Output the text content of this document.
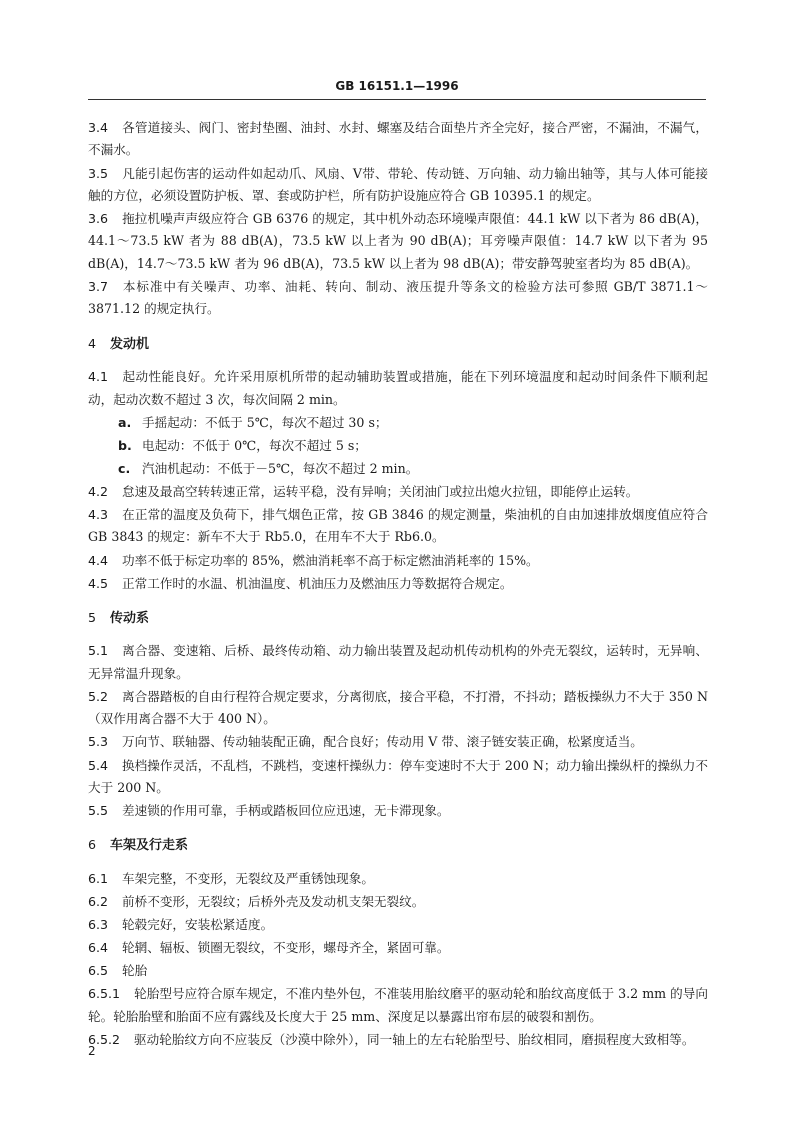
GB 16151.1—1996
3.4 各管道接头、阀门、密封垫圈、油封、水封、螺塞及结合面垫片齐全完好，接合严密，不漏油，不漏气，不漏水。
3.5 凡能引起伤害的运动件如起动爪、风扇、V带、带轮、传动链、万向轴、动力输出轴等，其与人体可能接触的方位，必须设置防护板、罩、套或防护栏，所有防护设施应符合 GB 10395.1 的规定。
3.6 拖拉机噪声声级应符合 GB 6376 的规定，其中机外动态环境噪声限值：44.1 kW 以下者为 86 dB(A)，44.1～73.5 kW 者为 88 dB(A)，73.5 kW 以上者为 90 dB(A)；耳旁噪声限值：14.7 kW 以下者为 95 dB(A)，14.7～73.5 kW 者为 96 dB(A)，73.5 kW 以上者为 98 dB(A)；带安静驾驶室者均为 85 dB(A)。
3.7 本标准中有关噪声、功率、油耗、转向、制动、液压提升等条文的检验方法可参照 GB/T 3871.1～3871.12 的规定执行。
4 发动机
4.1 起动性能良好。允许采用原机所带的起动辅助装置或措施，能在下列环境温度和起动时间条件下顺利起动，起动次数不超过 3 次，每次间隔 2 min。
a. 手摇起动：不低于 5℃，每次不超过 30 s；
b. 电起动：不低于 0℃，每次不超过 5 s；
c. 汽油机起动：不低于－5℃，每次不超过 2 min。
4.2 怠速及最高空转转速正常，运转平稳，没有异响；关闭油门或拉出熄火拉钮，即能停止运转。
4.3 在正常的温度及负荷下，排气烟色正常，按 GB 3846 的规定测量，柴油机的自由加速排放烟度值应符合 GB 3843 的规定：新车不大于 Rb5.0，在用车不大于 Rb6.0。
4.4 功率不低于标定功率的 85%，燃油消耗率不高于标定燃油消耗率的 15%。
4.5 正常工作时的水温、机油温度、机油压力及燃油压力等数据符合规定。
5 传动系
5.1 离合器、变速箱、后桥、最终传动箱、动力输出装置及起动机传动机构的外壳无裂纹，运转时，无异响、无异常温升现象。
5.2 离合器踏板的自由行程符合规定要求，分离彻底，接合平稳，不打滑，不抖动；踏板操纵力不大于 350 N（双作用离合器不大于 400 N）。
5.3 万向节、联轴器、传动轴装配正确，配合良好；传动用 V 带、滚子链安装正确，松紧度适当。
5.4 换档操作灵活，不乱档，不跳档，变速杆操纵力：停车变速时不大于 200 N；动力输出操纵杆的操纵力不大于 200 N。
5.5 差速锁的作用可靠，手柄或踏板回位应迅速，无卡滞现象。
6 车架及行走系
6.1 车架完整，不变形，无裂纹及严重锈蚀现象。
6.2 前桥不变形，无裂纹；后桥外壳及发动机支架无裂纹。
6.3 轮毂完好，安装松紧适度。
6.4 轮辋、辐板、锁圈无裂纹，不变形，螺母齐全，紧固可靠。
6.5 轮胎
6.5.1 轮胎型号应符合原车规定，不准内垫外包，不准装用胎纹磨平的驱动轮和胎纹高度低于 3.2 mm 的导向轮。轮胎胎壁和胎面不应有露线及长度大于 25 mm、深度足以暴露出帘布层的破裂和割伤。
6.5.2 驱动轮胎纹方向不应装反（沙漠中除外），同一轴上的左右轮胎型号、胎纹相同，磨损程度大致相等。
2
